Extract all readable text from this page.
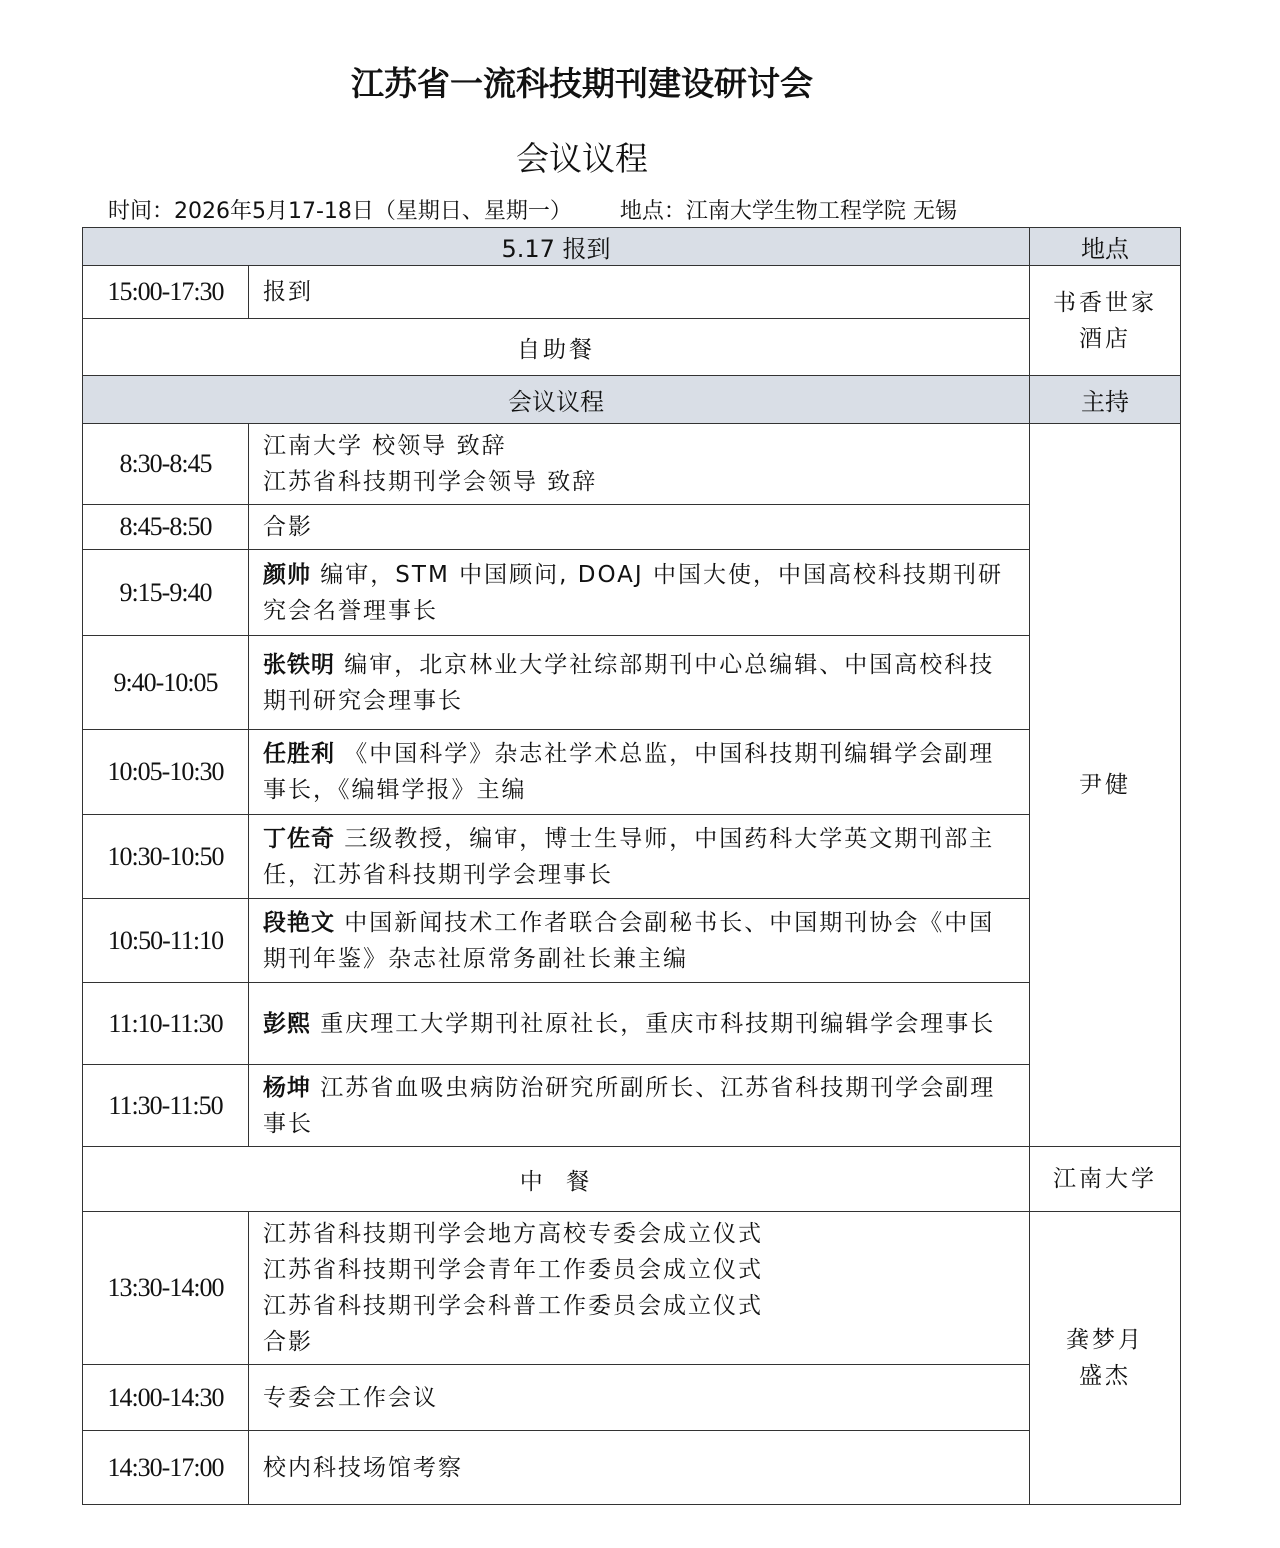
江苏省一流科技期刊建设研讨会
会议议程
时间：2026年5月17-18日（星期日、星期一） 地点：江南大学生物工程学院 无锡
5.17 报到		地点
15:00-17:30	报到	书香世家
酒店

自助餐		
会议议程		主持
8:30-8:45	江南大学 校领导 致辞
江苏省科技期刊学会领导 致辞	尹健
8:45-8:50	合影	
9:15-9:40	颜帅 编审，STM 中国顾问, DOAJ 中国大使，中国高校科技期刊研究会名誉理事长	
9:40-10:05	张铁明 编审，北京林业大学社综部期刊中心总编辑、中国高校科技期刊研究会理事长	
10:05-10:30	任胜利 《中国科学》杂志社学术总监，中国科技期刊编辑学会副理事长，《编辑学报》主编	
10:30-10:50	丁佐奇 三级教授，编审，博士生导师，中国药科大学英文期刊部主任，江苏省科技期刊学会理事长	
10:50-11:10	段艳文 中国新闻技术工作者联合会副秘书长、中国期刊协会《中国期刊年鉴》杂志社原常务副社长兼主编	
11:10-11:30	彭熙 重庆理工大学期刊社原社长，重庆市科技期刊编辑学会理事长	
11:30-11:50	杨坤 江苏省血吸虫病防治研究所副所长、江苏省科技期刊学会副理事长	
中  餐		江南大学
13:30-14:00	江苏省科技期刊学会地方高校专委会成立仪式
江苏省科技期刊学会青年工作委员会成立仪式
江苏省科技期刊学会科普工作委员会成立仪式
合影	龚梦月
盛杰

14:00-14:30	专委会工作会议	
14:30-17:00	校内科技场馆考察	
